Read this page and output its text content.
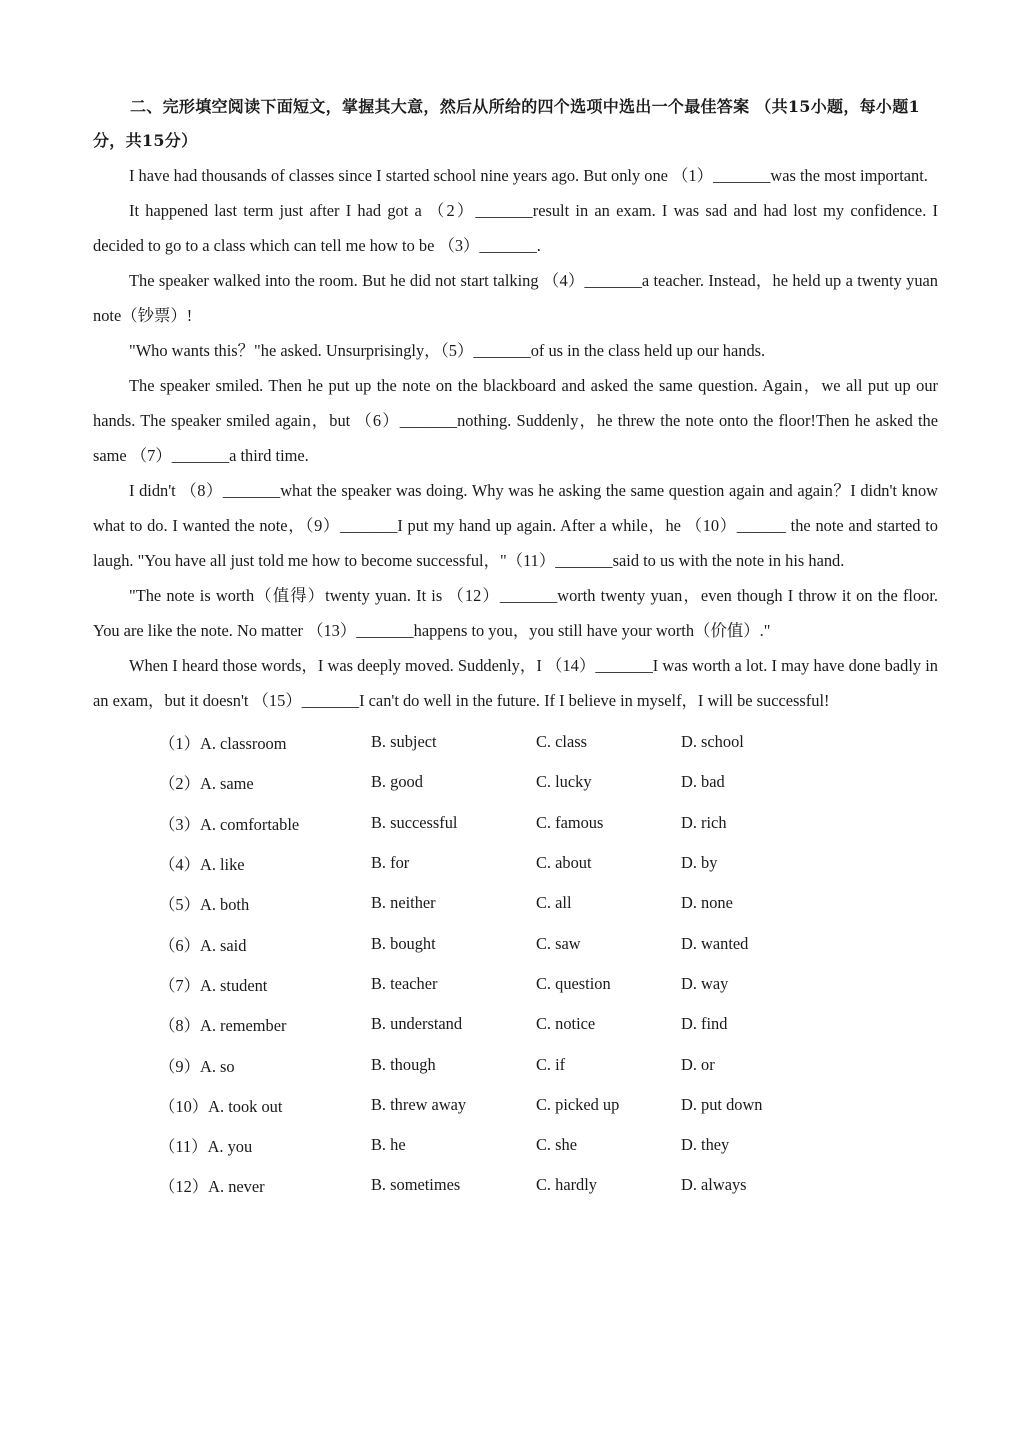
二、完形填空阅读下面短文，掌握其大意，然后从所给的四个选项中选出一个最佳答案 （共15小题，每小题1分，共15分）

I have had thousands of classes since I started school nine years ago. But only one （1）_______was the most important.

It happened last term just after I had got a （2）_______result in an exam. I was sad and had lost my confidence. I decided to go to a class which can tell me how to be （3）_______.

The speaker walked into the room. But he did not start talking （4）_______a teacher. Instead，he held up a twenty yuan note（钞票）!

"Who wants this？"he asked. Unsurprisingly，（5）_______of us in the class held up our hands.

The speaker smiled. Then he put up the note on the blackboard and asked the same question. Again，we all put up our hands. The speaker smiled again，but （6）_______nothing. Suddenly，he threw the note onto the floor!Then he asked the same （7）_______a third time.

I didn't （8）_______what the speaker was doing. Why was he asking the same question again and again？I didn't know what to do. I wanted the note，（9）_______I put my hand up again. After a while，he （10）______ the note and started to laugh. "You have all just told me how to become successful，"（11）_______said to us with the note in his hand.

"The note is worth（值得）twenty yuan. It is （12）_______worth twenty yuan，even though I throw it on the floor. You are like the note. No matter （13）_______happens to you，you still have your worth（价值）."

When I heard those words，I was deeply moved. Suddenly，I （14）_______I was worth a lot. I may have done badly in an exam，but it doesn't （15）_______I can't do well in the future. If I believe in myself，I will be successful!

（1）A. classroom	B. subject	C. class	D. school
（2）A. same	B. good	C. lucky	D. bad
（3）A. comfortable	B. successful	C. famous	D. rich
（4）A. like	B. for	C. about	D. by
（5）A. both	B. neither	C. all	D. none
（6）A. said	B. bought	C. saw	D. wanted
（7）A. student	B. teacher	C. question	D. way
（8）A. remember	B. understand	C. notice	D. find
（9）A. so	B. though	C. if	D. or
（10）A. took out	B. threw away	C. picked up	D. put down
（11）A. you	B. he	C. she	D. they
（12）A. never	B. sometimes	C. hardly	D. always
